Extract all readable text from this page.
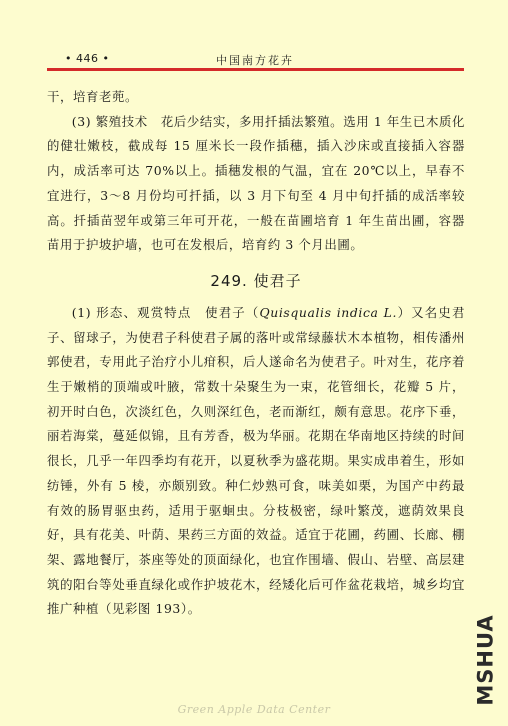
• 446 •	中国南方花卉

干，培育老蔸。

(3) 繁殖技术　花后少结实，多用扦插法繁殖。选用 1 年生已木质化的健壮嫩枝，截成每 15 厘米长一段作插穗，插入沙床或直接插入容器内，成活率可达 70%以上。插穗发根的气温，宜在 20℃以上，早春不宜进行，3～8 月份均可扦插，以 3 月下旬至 4 月中旬扦插的成活率较高。扦插苗翌年或第三年可开花，一般在苗圃培育 1 年生苗出圃，容器苗用于护坡护墙，也可在发根后，培育约 3 个月出圃。

249. 使君子

(1) 形态、观赏特点　使君子（Quisqualis indica L.）又名史君子、留球子，为使君子科使君子属的落叶或常绿藤状木本植物，相传潘州郭使君，专用此子治疗小儿疳积，后人遂命名为使君子。叶对生，花序着生于嫩梢的顶端或叶腋，常数十朵聚生为一束，花管细长，花瓣 5 片，初开时白色，次淡红色，久则深红色，老而渐红，颇有意思。花序下垂，丽若海棠，蔓延似锦，且有芳香，极为华丽。花期在华南地区持续的时间很长，几乎一年四季均有花开，以夏秋季为盛花期。果实成串着生，形如纺锤，外有 5 棱，亦颇别致。种仁炒熟可食，味美如栗，为国产中药最有效的肠胃驱虫药，适用于驱蛔虫。分枝极密，绿叶繁茂，遮荫效果良好，具有花美、叶荫、果药三方面的效益。适宜于花圃，药圃、长廊、棚架、露地餐厅，茶座等处的顶面绿化，也宜作围墙、假山、岩壁、高层建筑的阳台等处垂直绿化或作护坡花木，经矮化后可作盆花栽培，城乡均宜推广种植（见彩图 193）。

MSHUA
Green Apple Data Center
